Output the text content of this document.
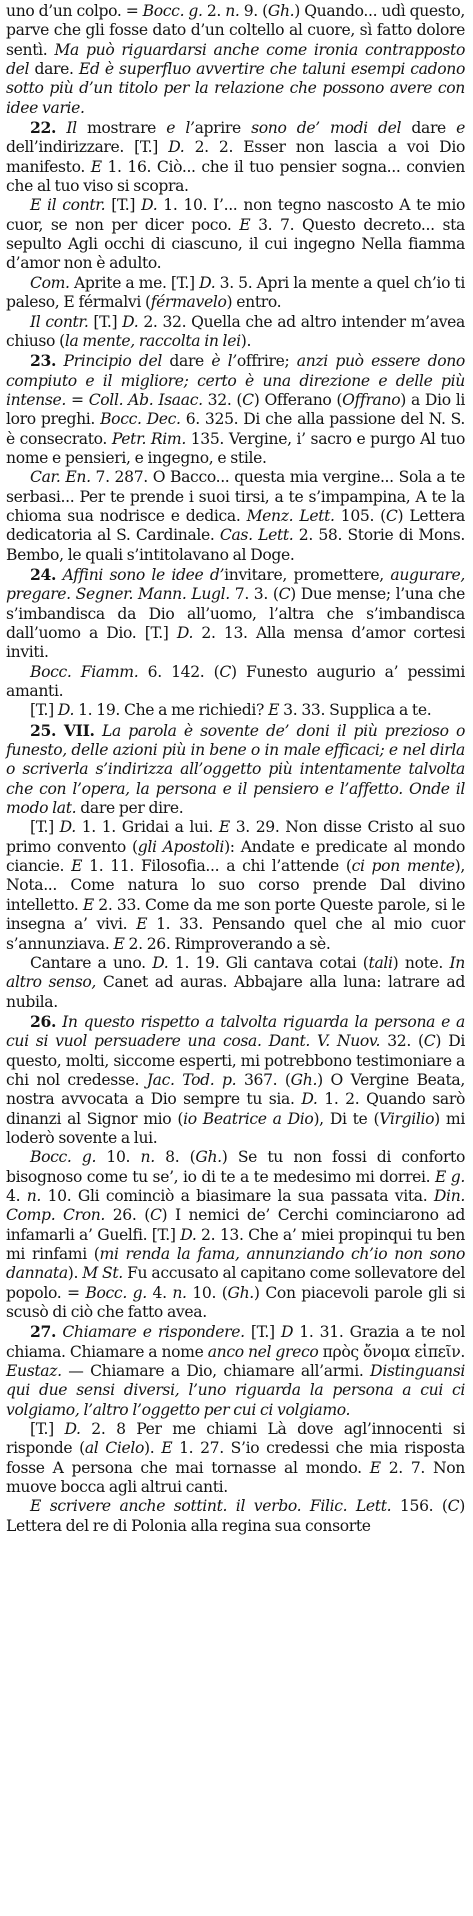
uno d’un colpo. = Bocc. g. 2. n. 9. (Gh.) Quando... udì questo, parve che gli fosse dato d’un coltello al cuore, sì fatto dolore sentì. Ma può riguardarsi anche come ironia contrapposto del dare. Ed è superfluo avvertire che taluni esempi cadono sotto più d’un titolo per la relazione che possono avere con idee varie.

22. Il mostrare e l’aprire sono de’ modi del dare e dell’indirizzare. [T.] D. 2. 2. Esser non lascia a voi Dio manifesto. E 1. 16. Ciò... che il tuo pensier sogna... convien che al tuo viso si scopra.

E il contr. [T.] D. 1. 10. I’... non tegno nascosto A te mio cuor, se non per dicer poco. E 3. 7. Questo decreto... sta sepulto Agli occhi di ciascuno, il cui ingegno Nella fiamma d’amor non è adulto.

Com. Aprite a me. [T.] D. 3. 5. Apri la mente a quel ch’io ti paleso, E férmalvi (férmavelo) entro.

Il contr. [T.] D. 2. 32. Quella che ad altro intender m’avea chiuso (la mente, raccolta in lei).

23. Principio del dare è l’offrire; anzi può essere dono compiuto e il migliore; certo è una direzione e delle più intense. = Coll. Ab. Isaac. 32. (C) Offerano (Offrano) a Dio li loro preghi. Bocc. Dec. 6. 325. Di che alla passione del N. S. è consecrato. Petr. Rim. 135. Vergine, i’ sacro e purgo Al tuo nome e pensieri, e ingegno, e stile.

Car. En. 7. 287. O Bacco... questa mia vergine... Sola a te serbasi... Per te prende i suoi tirsi, a te s’impampina, A te la chioma sua nodrisce e dedica. Menz. Lett. 105. (C) Lettera dedicatoria al S. Cardinale. Cas. Lett. 2. 58. Storie di Mons. Bembo, le quali s’intitolavano al Doge.

24. Affini sono le idee d’invitare, promettere, augurare, pregare. Segner. Mann. Lugl. 7. 3. (C) Due mense; l’una che s’imbandisca da Dio all’uomo, l’altra che s’imbandisca dall’uomo a Dio. [T.] D. 2. 13. Alla mensa d’amor cortesi inviti.

Bocc. Fiamm. 6. 142. (C) Funesto augurio a’ pessimi amanti.

[T.] D. 1. 19. Che a me richiedi? E 3. 33. Supplica a te.

25. VII. La parola è sovente de’ doni il più prezioso o funesto, delle azioni più in bene o in male efficaci; e nel dirla o scriverla s’indirizza all’oggetto più intentamente talvolta che con l’opera, la persona e il pensiero e l’affetto. Onde il modo lat. dare per dire.

[T.] D. 1. 1. Gridai a lui. E 3. 29. Non disse Cristo al suo primo convento (gli Apostoli): Andate e predicate al mondo ciancie. E 1. 11. Filosofia... a chi l’attende (ci pon mente), Nota... Come natura lo suo corso prende Dal divino intelletto. E 2. 33. Come da me son porte Queste parole, si le insegna a’ vivi. E 1. 33. Pensando quel che al mio cuor s’annunziava. E 2. 26. Rimproverando a sè.

Cantare a uno. D. 1. 19. Gli cantava cotai (tali) note. In altro senso, Canet ad auras. Abbajare alla luna: latrare ad nubila.

26. In questo rispetto a talvolta riguarda la persona e a cui si vuol persuadere una cosa. Dant. V. Nuov. 32. (C) Di questo, molti, siccome esperti, mi potrebbono testimoniare a chi nol credesse. Jac. Tod. p. 367. (Gh.) O Vergine Beata, nostra avvocata a Dio sempre tu sia. D. 1. 2. Quando sarò dinanzi al Signor mio (io Beatrice a Dio), Di te (Virgilio) mi loderò sovente a lui.

Bocc. g. 10. n. 8. (Gh.) Se tu non fossi di conforto bisognoso come tu se’, io di te a te medesimo mi dorrei. E g. 4. n. 10. Gli cominciò a biasimare la sua passata vita. Din. Comp. Cron. 26. (C) I nemici de’ Cerchi cominciarono ad infamarli a’ Guelfi. [T.] D. 2. 13. Che a’ miei propinqui tu ben mi rinfami (mi renda la fama, annunziando ch’io non sono dannata). M St. Fu accusato al capitano come sollevatore del popolo. = Bocc. g. 4. n. 10. (Gh.) Con piacevoli parole gli si scusò di ciò che fatto avea.

27. Chiamare e rispondere. [T.] D 1. 31. Grazia a te nol chiama. Chiamare a nome anco nel greco πρὸς ὄνομα εἰπεῖν. Eustaz. — Chiamare a Dio, chiamare all’armi. Distinguansi qui due sensi diversi, l’uno riguarda la persona a cui ci volgiamo, l’altro l’oggetto per cui ci volgiamo.

[T.] D. 2. 8 Per me chiami Là dove agl’innocenti si risponde (al Cielo). E 1. 27. S’io credessi che mia risposta fosse A persona che mai tornasse al mondo. E 2. 7. Non muove bocca agli altrui canti.

E scrivere anche sottint. il verbo. Filic. Lett. 156. (C) Lettera del re di Polonia alla regina sua consorte
